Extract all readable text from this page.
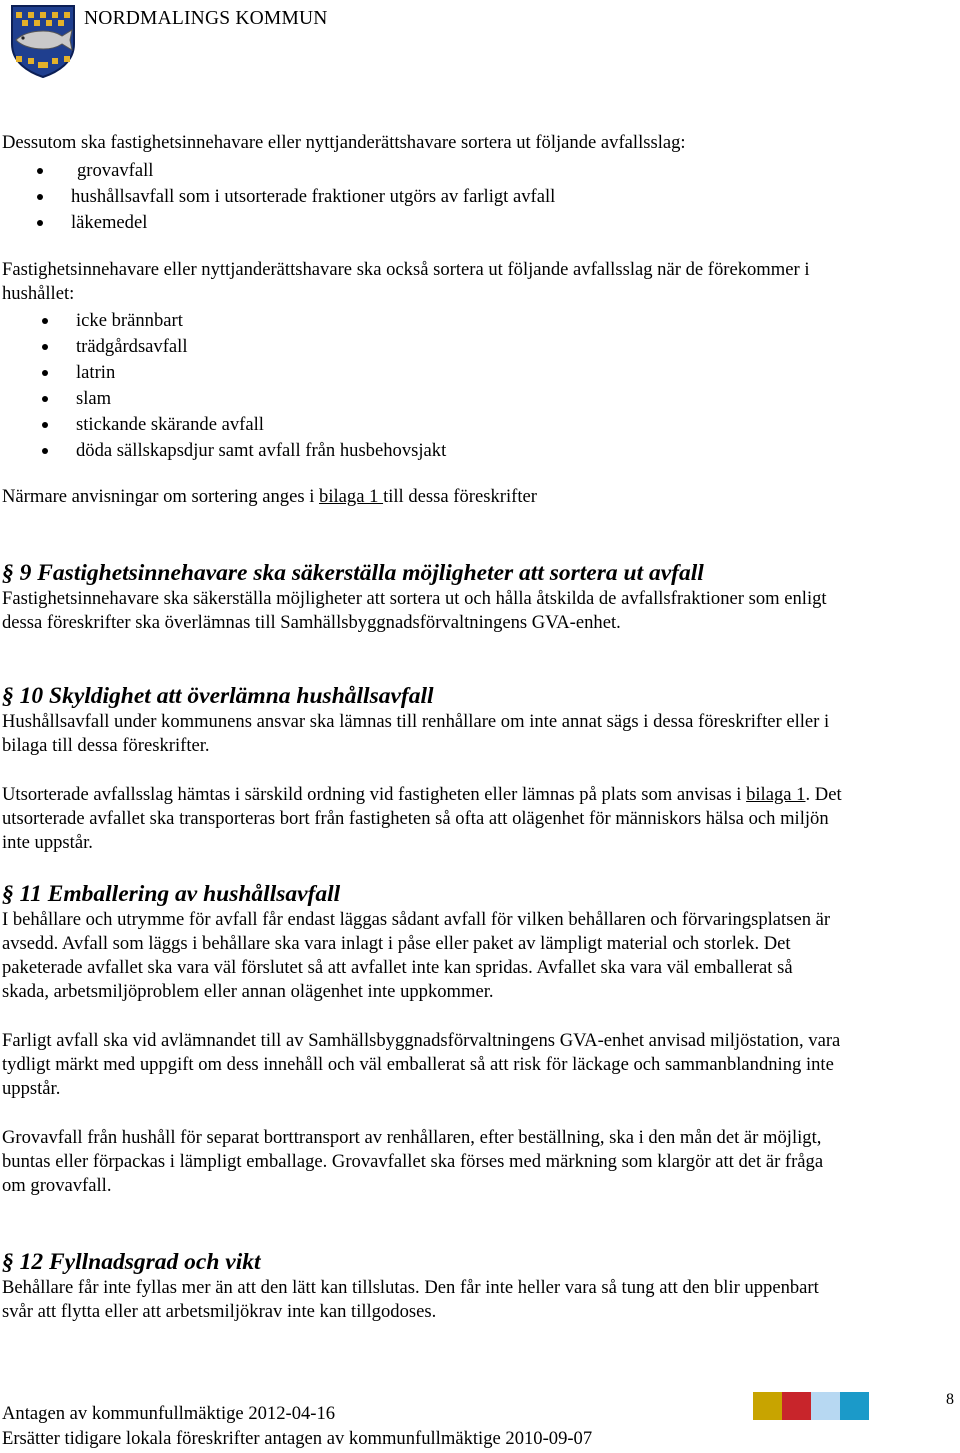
NORDMALINGS KOMMUN

Dessutom ska fastighetsinnehavare eller nyttjanderättshavare sortera ut följande avfallsslag:

grovavfall
hushållsavfall som i utsorterade fraktioner utgörs av farligt avfall
läkemedel

Fastighetsinnehavare eller nyttjanderättshavare ska också sortera ut följande avfallsslag när de förekommer i
hushållet:

icke brännbart
trädgårdsavfall
latrin
slam
stickande skärande avfall
döda sällskapsdjur samt avfall från husbehovsjakt

Närmare anvisningar om sortering anges i bilaga 1 till dessa föreskrifter

§ 9 Fastighetsinnehavare ska säkerställa möjligheter att sortera ut avfall

Fastighetsinnehavare ska säkerställa möjligheter att sortera ut och hålla åtskilda de avfallsfraktioner som enligt
dessa föreskrifter ska överlämnas till Samhällsbyggnadsförvaltningens GVA-enhet.

§ 10 Skyldighet att överlämna hushållsavfall

Hushållsavfall under kommunens ansvar ska lämnas till renhållare om inte annat sägs i dessa föreskrifter eller i
bilaga till dessa föreskrifter.

Utsorterade avfallsslag hämtas i särskild ordning vid fastigheten eller lämnas på plats som anvisas i bilaga 1. Det
utsorterade avfallet ska transporteras bort från fastigheten så ofta att olägenhet för människors hälsa och miljön
inte uppstår.

§ 11 Emballering av hushållsavfall

I behållare och utrymme för avfall får endast läggas sådant avfall för vilken behållaren och förvaringsplatsen är
avsedd. Avfall som läggs i behållare ska vara inlagt i påse eller paket av lämpligt material och storlek. Det
paketerade avfallet ska vara väl förslutet så att avfallet inte kan spridas. Avfallet ska vara väl emballerat så
skada, arbetsmiljöproblem eller annan olägenhet inte uppkommer.

Farligt avfall ska vid avlämnandet till av Samhällsbyggnadsförvaltningens GVA-enhet anvisad miljöstation, vara
tydligt märkt med uppgift om dess innehåll och väl emballerat så att risk för läckage och sammanblandning inte
uppstår.

Grovavfall från hushåll för separat borttransport av renhållaren, efter beställning, ska i den mån det är möjligt,
buntas eller förpackas i lämpligt emballage. Grovavfallet ska förses med märkning som klargör att det är fråga
om grovavfall.

§ 12 Fyllnadsgrad och vikt

Behållare får inte fyllas mer än att den lätt kan tillslutas. Den får inte heller vara så tung att den blir uppenbart
svår att flytta eller att arbetsmiljökrav inte kan tillgodoses.

Antagen av kommunfullmäktige 2012-04-16
Ersätter tidigare lokala föreskrifter antagen av kommunfullmäktige 2010-09-07
8
